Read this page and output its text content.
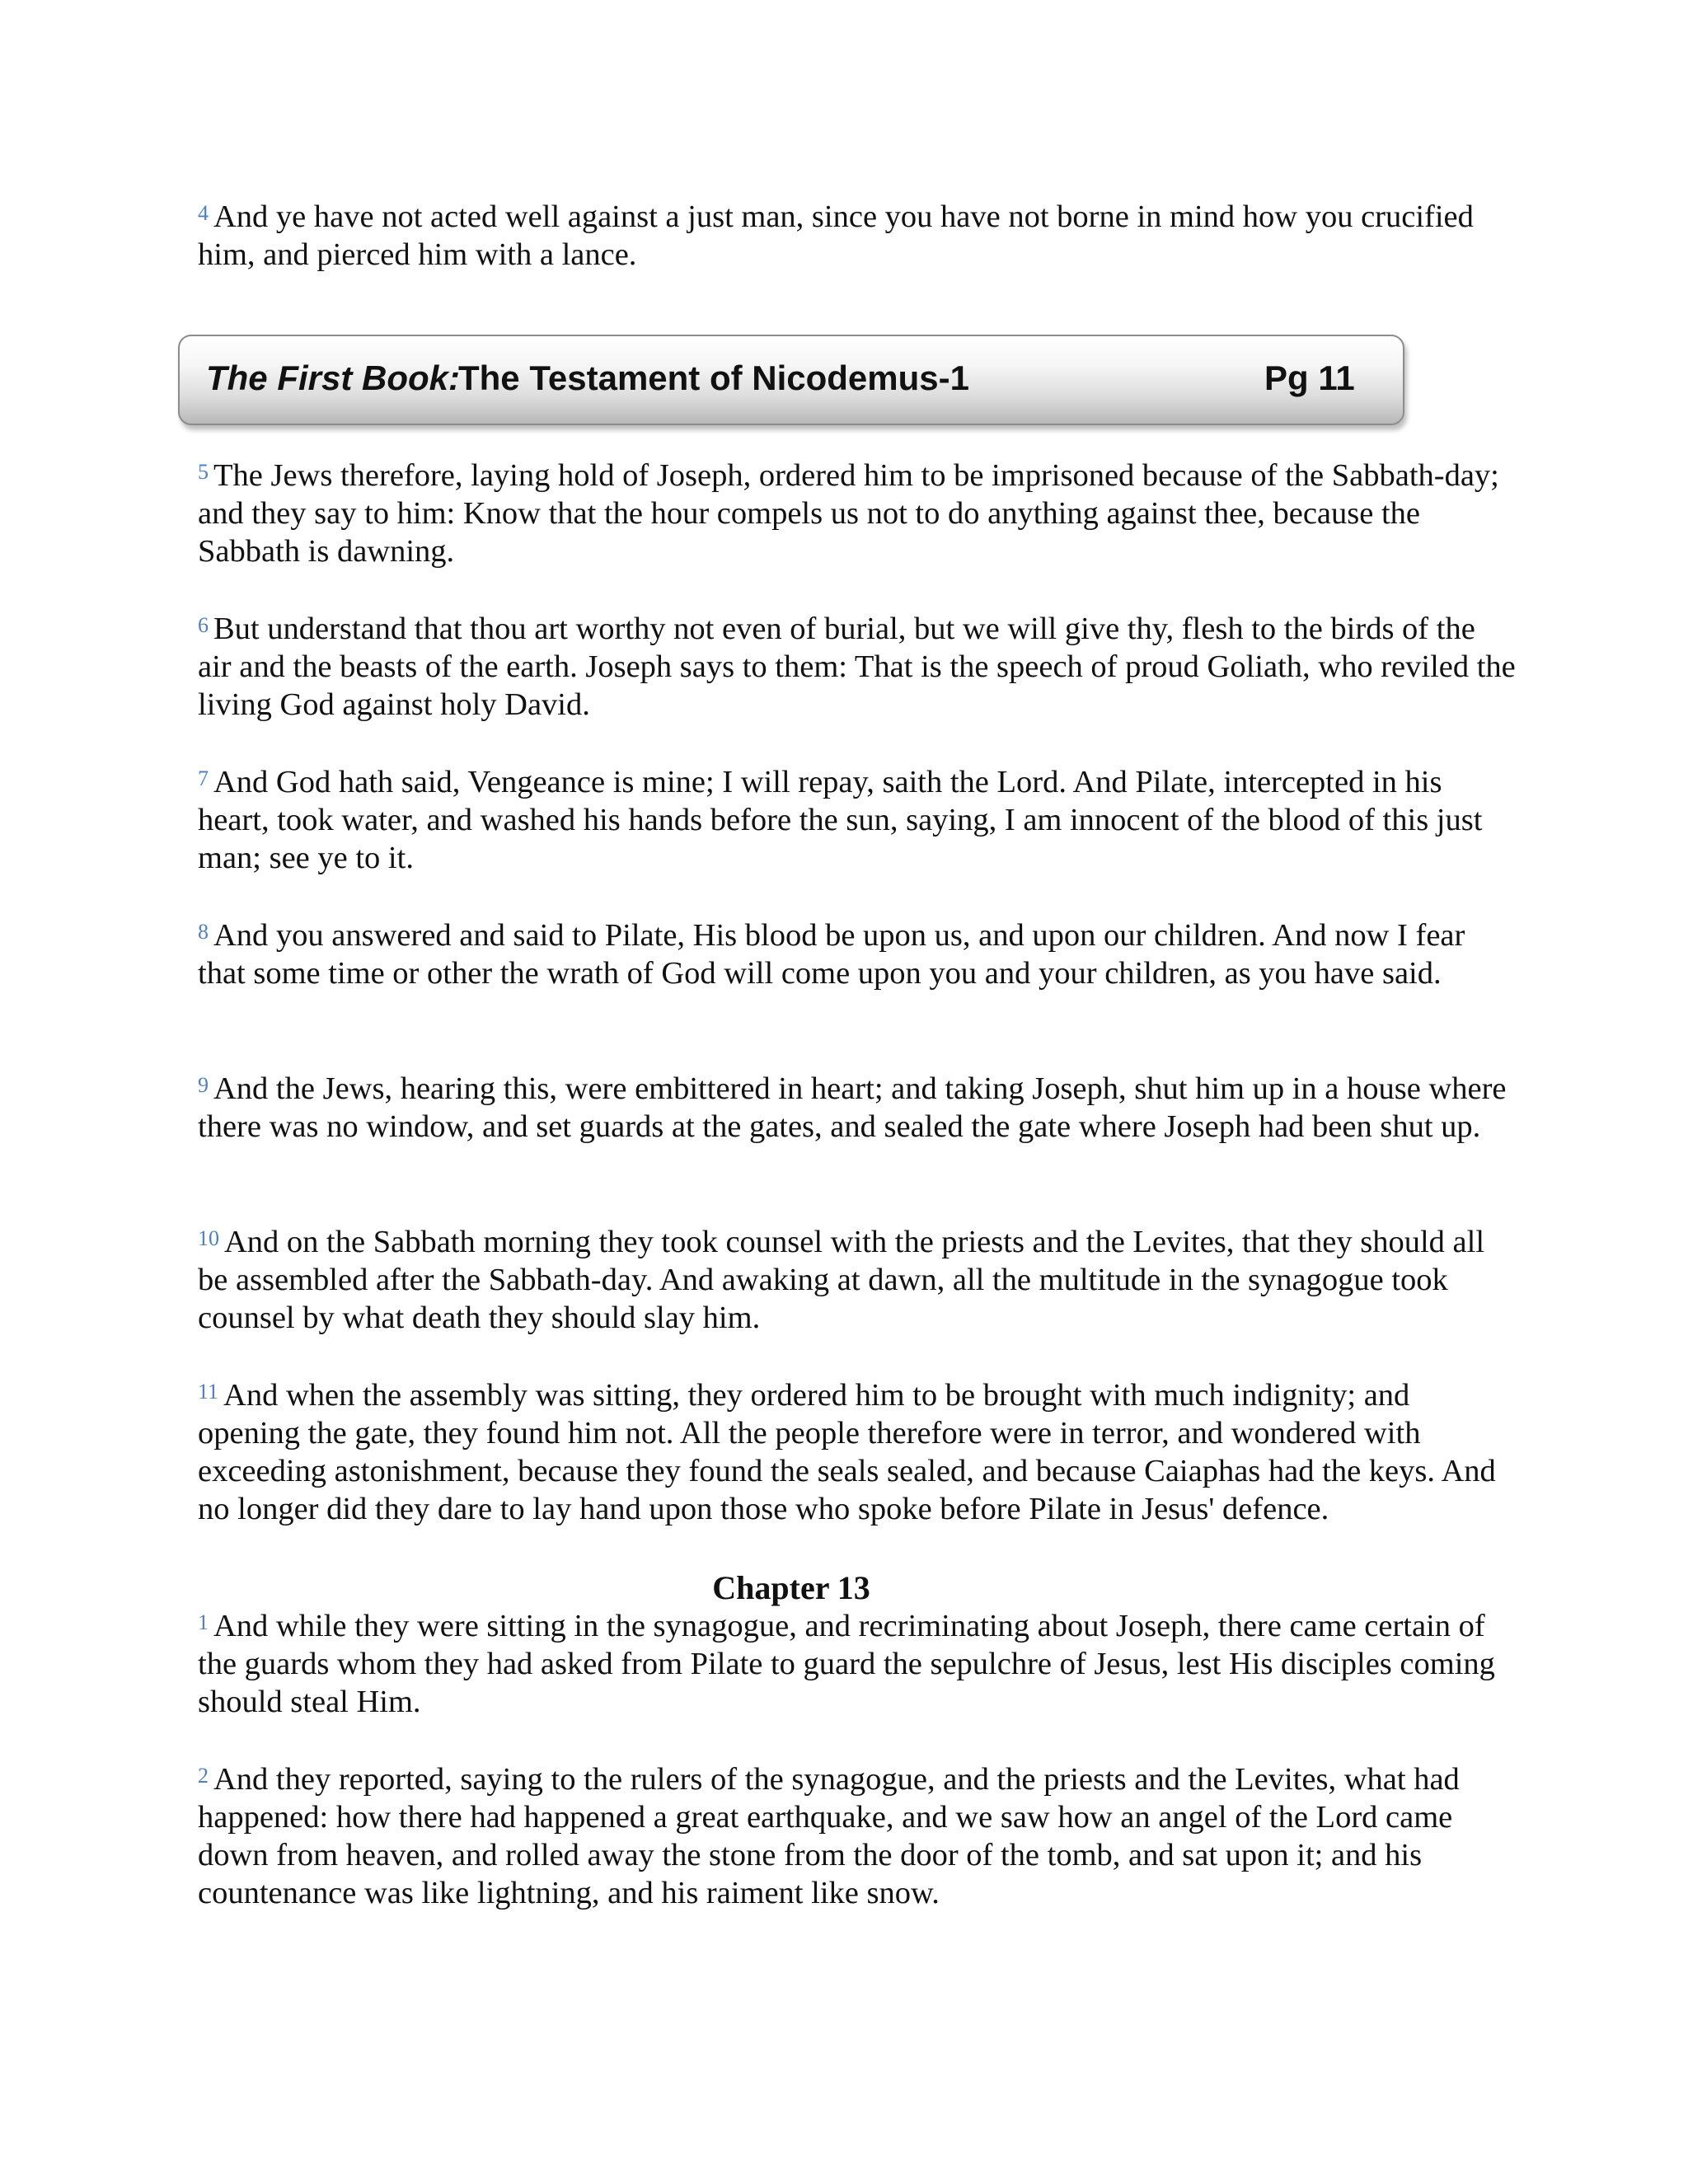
$^4$ And ye have not acted well against a just man, since you have not borne in mind how you crucified him, and pierced him with a lance.

The First Book:
The Testament of Nicodemus-1	Pg 11

$^5$ The Jews therefore, laying hold of Joseph, ordered him to be imprisoned because of the Sabbath-day; and they say to him: Know that the hour compels us not to do anything against thee, because the Sabbath is dawning.

$^6$ But understand that thou art worthy not even of burial, but we will give thy, flesh to the birds of the air and the beasts of the earth. Joseph says to them: That is the speech of proud Goliath, who reviled the living God against holy David.

$^7$ And God hath said, Vengeance is mine; I will repay, saith the Lord. And Pilate, intercepted in his heart, took water, and washed his hands before the sun, saying, I am innocent of the blood of this just man; see ye to it.

$^8$ And you answered and said to Pilate, His blood be upon us, and upon our children. And now I fear that some time or other the wrath of God will come upon you and your children, as you have said.

$^9$ And the Jews, hearing this, were embittered in heart; and taking Joseph, shut him up in a house where there was no window, and set guards at the gates, and sealed the gate where Joseph had been shut up.

$^{10}$ And on the Sabbath morning they took counsel with the priests and the Levites, that they should all be assembled after the Sabbath-day. And awaking at dawn, all the multitude in the synagogue took counsel by what death they should slay him.

$^{11}$ And when the assembly was sitting, they ordered him to be brought with much indignity; and opening the gate, they found him not. All the people therefore were in terror, and wondered with exceeding astonishment, because they found the seals sealed, and because Caiaphas had the keys. And no longer did they dare to lay hand upon those who spoke before Pilate in Jesus' defence.

Chapter 13

$^1$ And while they were sitting in the synagogue, and recriminating about Joseph, there came certain of the guards whom they had asked from Pilate to guard the sepulchre of Jesus, lest His disciples coming should steal Him.

$^2$ And they reported, saying to the rulers of the synagogue, and the priests and the Levites, what had happened: how there had happened a great earthquake, and we saw how an angel of the Lord came down from heaven, and rolled away the stone from the door of the tomb, and sat upon it; and his countenance was like lightning, and his raiment like snow.
